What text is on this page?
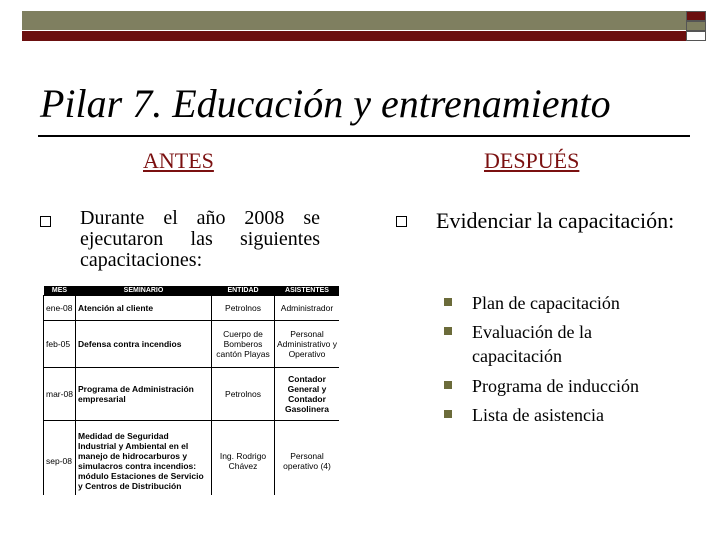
Pilar 7. Educación y entrenamiento
ANTES	DESPUÉS
Durante el año 2008 se ejecutaron las siguientes capacitaciones:
Evidenciar la capacitación:
Plan de capacitación
Evaluación de la capacitación
Programa de inducción
Lista de asistencia
MES	SEMINARIO	ENTIDAD	ASISTENTES
ene-08	Atención al cliente	Petrolnos	Administrador
feb-05	Defensa contra incendios	Cuerpo de Bomberos cantón Playas	Personal Administrativo y Operativo
mar-08	Programa de Administración empresarial	Petrolnos	Contador General y Contador Gasolinera
sep-08	Medidad de Seguridad Industrial y Ambiental en el manejo de hidrocarburos y simulacros contra incendios: módulo Estaciones de Servicio y Centros de Distribución	Ing. Rodrigo Chávez	Personal operativo (4)
